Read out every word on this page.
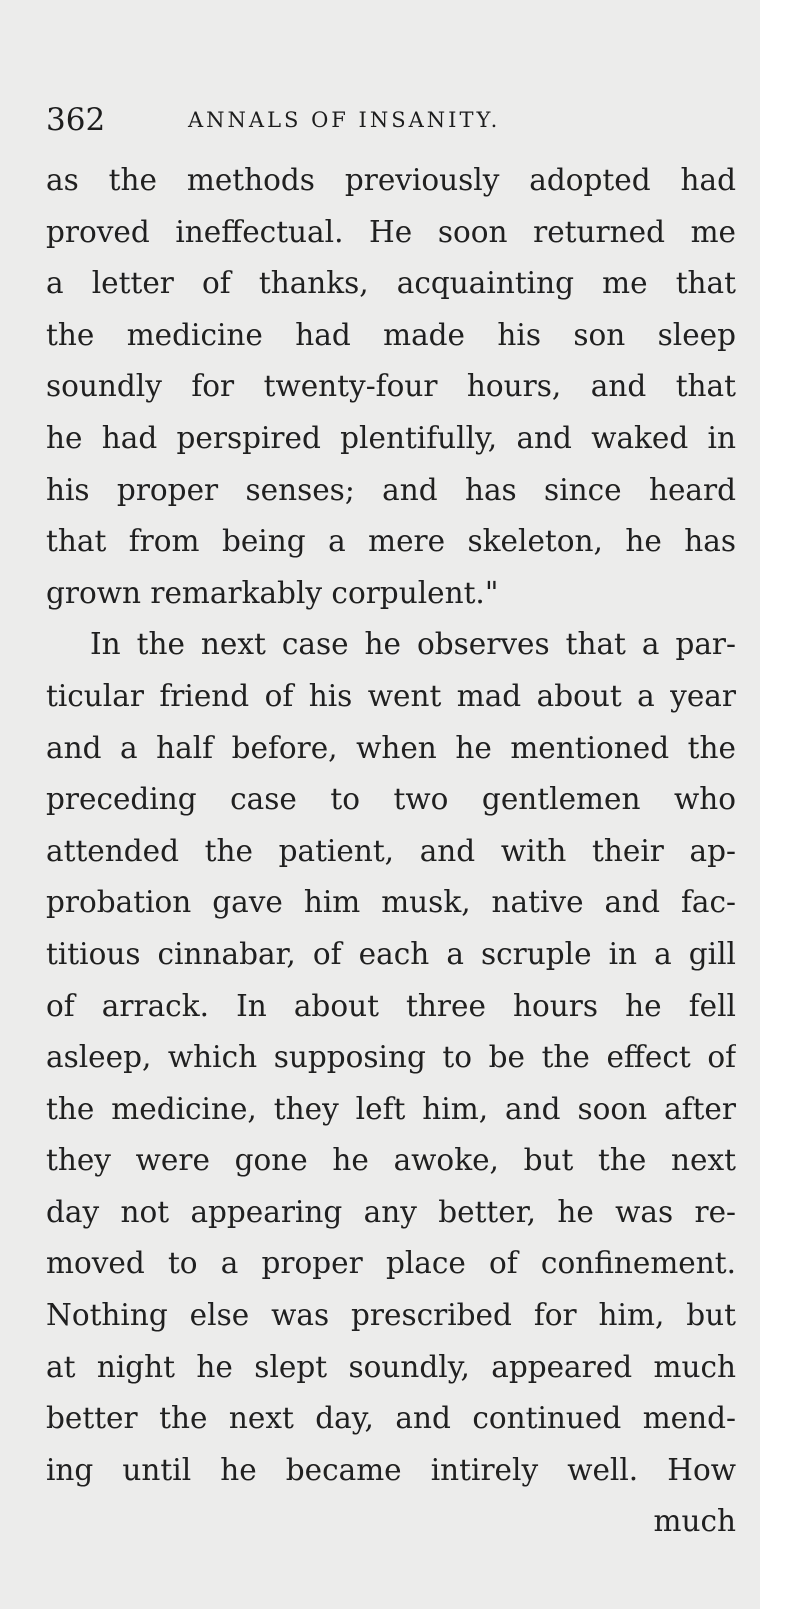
362	ANNALS OF INSANITY.
as the methods previously adopted had
proved ineffectual. He soon returned me
a letter of thanks, acquainting me that
the medicine had made his son sleep
soundly for twenty-four hours, and that
he had perspired plentifully, and waked in
his proper senses; and has since heard
that from being a mere skeleton, he has
grown remarkably corpulent."
In the next case he observes that a par-
ticular friend of his went mad about a year
and a half before, when he mentioned the
preceding case to two gentlemen who
attended the patient, and with their ap-
probation gave him musk, native and fac-
titious cinnabar, of each a scruple in a gill
of arrack. In about three hours he fell
asleep, which supposing to be the effect of
the medicine, they left him, and soon after
they were gone he awoke, but the next
day not appearing any better, he was re-
moved to a proper place of confinement.
Nothing else was prescribed for him, but
at night he slept soundly, appeared much
better the next day, and continued mend-
ing until he became intirely well. How
much
